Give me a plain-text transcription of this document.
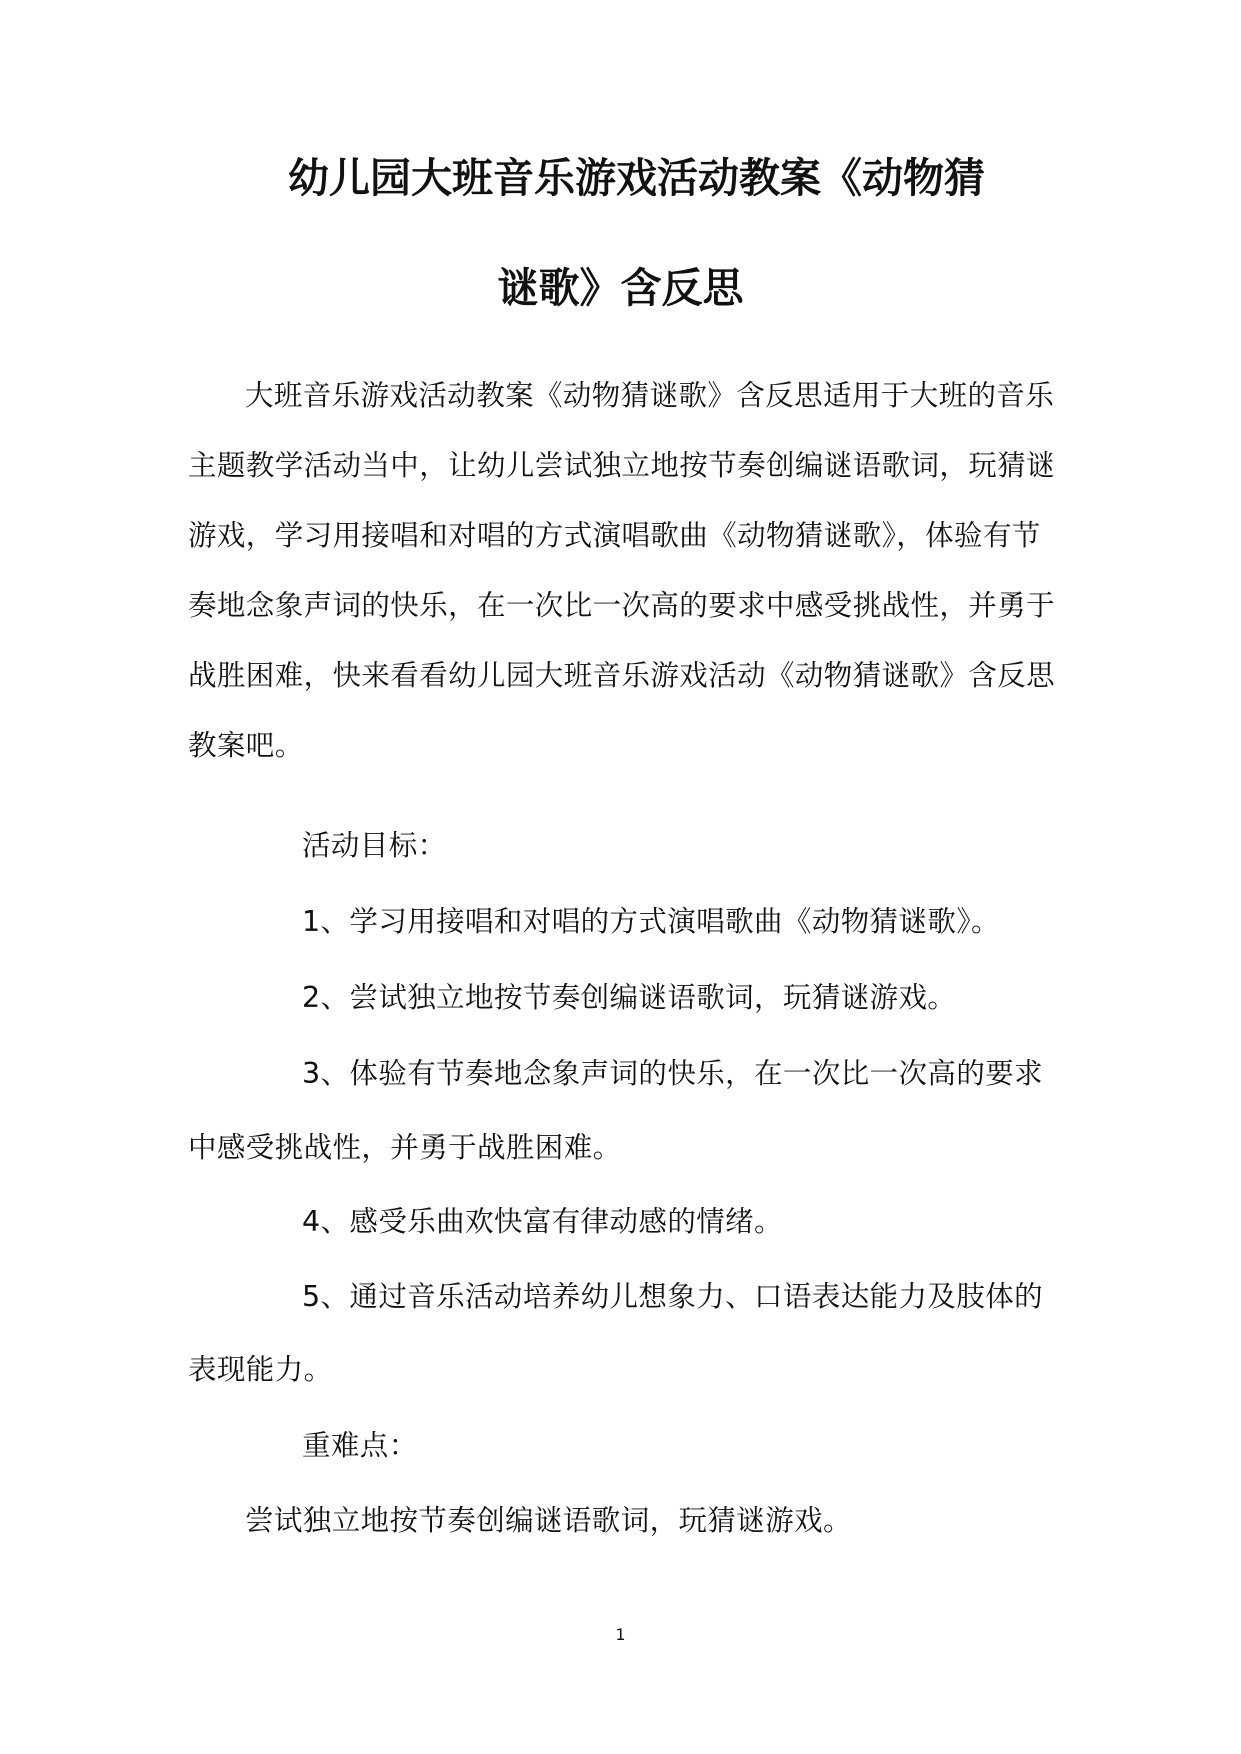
幼儿园大班音乐游戏活动教案《动物猜
谜歌》含反思

大班音乐游戏活动教案《动物猜谜歌》含反思适用于大班的音乐

主题教学活动当中，让幼儿尝试独立地按节奏创编谜语歌词，玩猜谜

游戏，学习用接唱和对唱的方式演唱歌曲《动物猜谜歌》，体验有节

奏地念象声词的快乐，在一次比一次高的要求中感受挑战性，并勇于

战胜困难，快来看看幼儿园大班音乐游戏活动《动物猜谜歌》含反思

教案吧。

活动目标：

1、学习用接唱和对唱的方式演唱歌曲《动物猜谜歌》。

2、尝试独立地按节奏创编谜语歌词，玩猜谜游戏。

3、体验有节奏地念象声词的快乐，在一次比一次高的要求

中感受挑战性，并勇于战胜困难。

4、感受乐曲欢快富有律动感的情绪。

5、通过音乐活动培养幼儿想象力、口语表达能力及肢体的

表现能力。

重难点：

尝试独立地按节奏创编谜语歌词，玩猜谜游戏。

1
